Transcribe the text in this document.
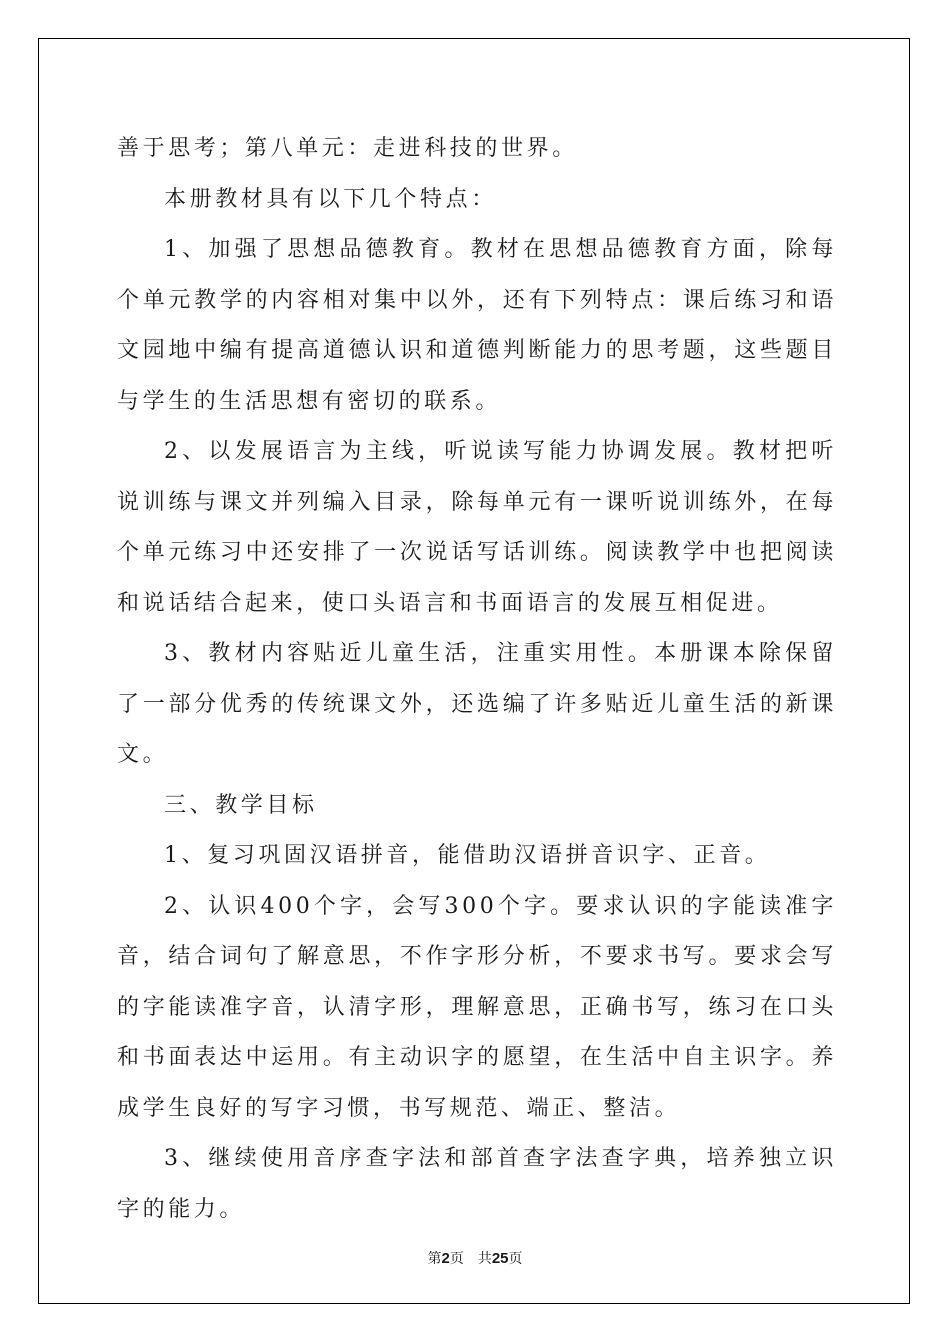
善于思考；第八单元：走进科技的世界。

本册教材具有以下几个特点：

1、加强了思想品德教育。教材在思想品德教育方面，除每个单元教学的内容相对集中以外，还有下列特点：课后练习和语文园地中编有提高道德认识和道德判断能力的思考题，这些题目与学生的生活思想有密切的联系。

2、以发展语言为主线，听说读写能力协调发展。教材把听说训练与课文并列编入目录，除每单元有一课听说训练外，在每个单元练习中还安排了一次说话写话训练。阅读教学中也把阅读和说话结合起来，使口头语言和书面语言的发展互相促进。

3、教材内容贴近儿童生活，注重实用性。本册课本除保留了一部分优秀的传统课文外，还选编了许多贴近儿童生活的新课文。

三、教学目标

1、复习巩固汉语拼音，能借助汉语拼音识字、正音。

2、认识400个字，会写300个字。要求认识的字能读准字音，结合词句了解意思，不作字形分析，不要求书写。要求会写的字能读准字音，认清字形，理解意思，正确书写，练习在口头和书面表达中运用。有主动识字的愿望，在生活中自主识字。养成学生良好的写字习惯，书写规范、端正、整洁。

3、继续使用音序查字法和部首查字法查字典，培养独立识字的能力。

第2页 共25页
